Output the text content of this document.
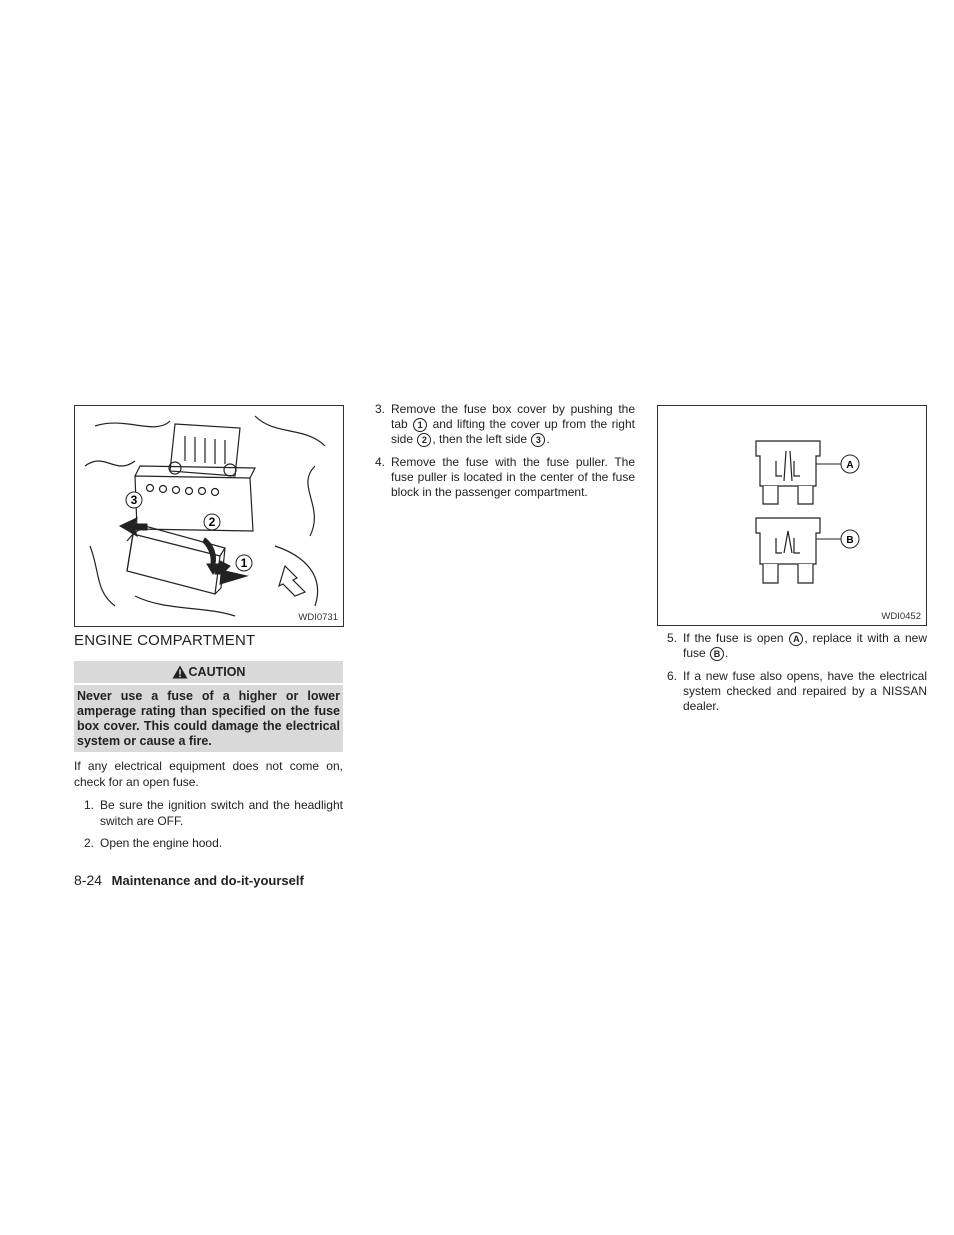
1
2
3
WDI0731
A
B
WDI0452
ENGINE COMPARTMENT
CAUTION
Never use a fuse of a higher or lower amperage rating than specified on the fuse box cover. This could damage the electrical system or cause a fire.

If any electrical equipment does not come on, check for an open fuse.

1. Be sure the ignition switch and the headlight switch are OFF.
2. Open the engine hood.
3. Remove the fuse box cover by pushing the tab 1 and lifting the cover up from the right side 2 , then the left side 3 .
4. Remove the fuse with the fuse puller. The fuse puller is located in the center of the fuse block in the passenger compartment.
5. If the fuse is open A , replace it with a new fuse B .
6. If a new fuse also opens, have the electrical system checked and repaired by a NISSAN dealer.
8-24 Maintenance and do-it-yourself
